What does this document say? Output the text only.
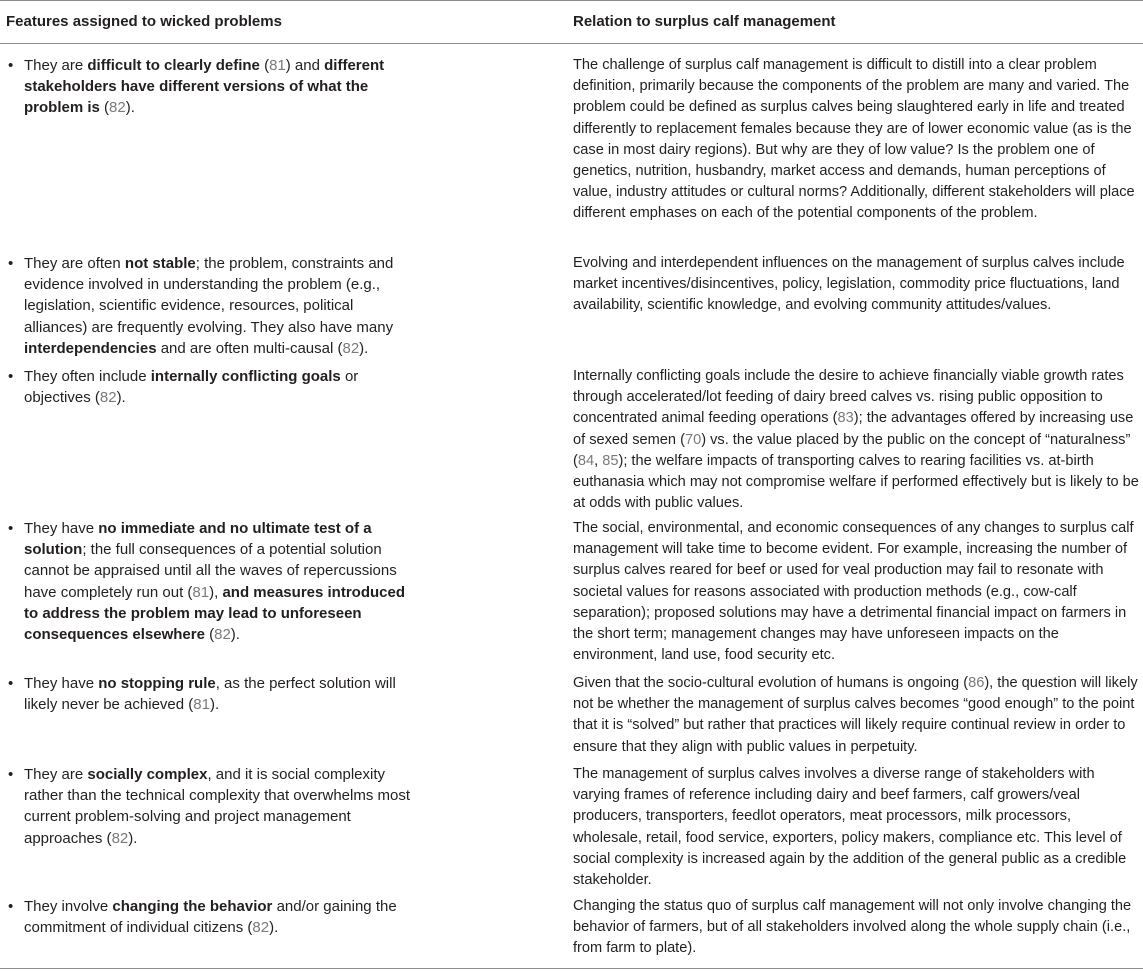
Features assigned to wicked problems	Relation to surplus calf management
• They are difficult to clearly define (81) and different stakeholders have different versions of what the problem is (82).
The challenge of surplus calf management is difficult to distill into a clear problem definition, primarily because the components of the problem are many and varied. The problem could be defined as surplus calves being slaughtered early in life and treated differently to replacement females because they are of lower economic value (as is the case in most dairy regions). But why are they of low value? Is the problem one of genetics, nutrition, husbandry, market access and demands, human perceptions of value, industry attitudes or cultural norms? Additionally, different stakeholders will place different emphases on each of the potential components of the problem.
• They are often not stable; the problem, constraints and evidence involved in understanding the problem (e.g., legislation, scientific evidence, resources, political alliances) are frequently evolving. They also have many interdependencies and are often multi-causal (82).
Evolving and interdependent influences on the management of surplus calves include market incentives/disincentives, policy, legislation, commodity price fluctuations, land availability, scientific knowledge, and evolving community attitudes/values.
• They often include internally conflicting goals or objectives (82).
Internally conflicting goals include the desire to achieve financially viable growth rates through accelerated/lot feeding of dairy breed calves vs. rising public opposition to concentrated animal feeding operations (83); the advantages offered by increasing use of sexed semen (70) vs. the value placed by the public on the concept of “naturalness” (84, 85); the welfare impacts of transporting calves to rearing facilities vs. at-birth euthanasia which may not compromise welfare if performed effectively but is likely to be at odds with public values.
• They have no immediate and no ultimate test of a solution; the full consequences of a potential solution cannot be appraised until all the waves of repercussions have completely run out (81), and measures introduced to address the problem may lead to unforeseen consequences elsewhere (82).
The social, environmental, and economic consequences of any changes to surplus calf management will take time to become evident. For example, increasing the number of surplus calves reared for beef or used for veal production may fail to resonate with societal values for reasons associated with production methods (e.g., cow-calf separation); proposed solutions may have a detrimental financial impact on farmers in the short term; management changes may have unforeseen impacts on the environment, land use, food security etc.
• They have no stopping rule, as the perfect solution will likely never be achieved (81).
Given that the socio-cultural evolution of humans is ongoing (86), the question will likely not be whether the management of surplus calves becomes “good enough” to the point that it is “solved” but rather that practices will likely require continual review in order to ensure that they align with public values in perpetuity.
• They are socially complex, and it is social complexity rather than the technical complexity that overwhelms most current problem-solving and project management approaches (82).
The management of surplus calves involves a diverse range of stakeholders with varying frames of reference including dairy and beef farmers, calf growers/veal producers, transporters, feedlot operators, meat processors, milk processors, wholesale, retail, food service, exporters, policy makers, compliance etc. This level of social complexity is increased again by the addition of the general public as a credible stakeholder.
• They involve changing the behavior and/or gaining the commitment of individual citizens (82).
Changing the status quo of surplus calf management will not only involve changing the behavior of farmers, but of all stakeholders involved along the whole supply chain (i.e., from farm to plate).
